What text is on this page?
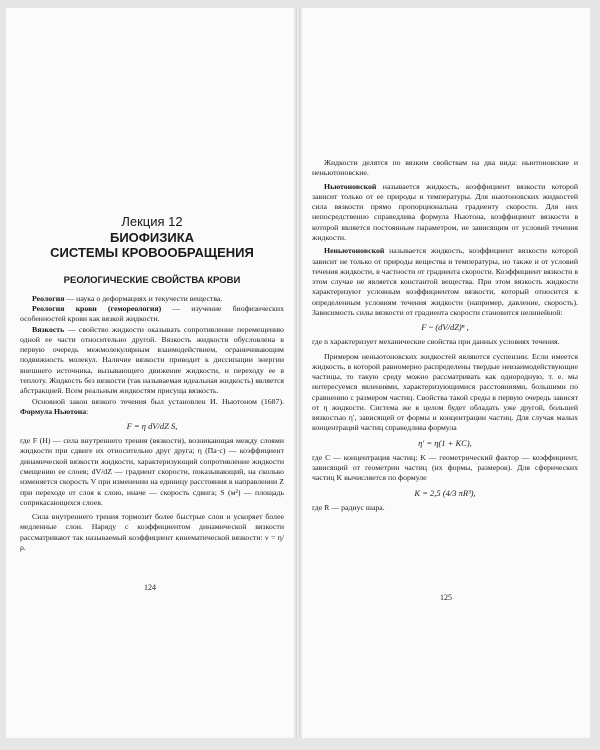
Лекция 12
БИОФИЗИКА
СИСТЕМЫ КРОВООБРАЩЕНИЯ
РЕОЛОГИЧЕСКИЕ СВОЙСТВА КРОВИ

Реология — наука о деформациях и текучести вещества.

Реология крови (гемореология) — изучение биофизических особенностей крови как вязкой жидкости.

Вязкость — свойство жидкости оказывать сопротивление перемещению одной ее части относительно другой. Вязкость жидкости обусловлена в первую очередь межмолекулярным взаимодействием, ограничивающим подвижность молекул. Наличие вязкости приводит к диссипации энергии внешнего источника, вызывающего движение жидкости, и переходу ее в теплоту. Жидкость без вязкости (так называемая идеальная жидкость) является абстракцией. Всем реальным жидкостям присуща вязкость.

Основной закон вязкого течения был установлен И. Ньютоном (1687). Формула Ньютона:

F = η dV/dZ S,

где F (Н) — сила внутреннего трения (вязкости), возникающая между слоями жидкости при сдвиге их относительно друг друга; η (Па·с) — коэффициент динамической вязкости жидкости, характеризующий сопротивление жидкости смещению ее слоев; dV/dZ — градиент скорости, показывающий, на сколько изменяется скорость V при изменении на единицу расстояния в направлении Z при переходе от слоя к слою, иначе — скорость сдвига; S (м²) — площадь соприкасающихся слоев.

Сила внутреннего трения тормозит более быстрые слои и ускоряет более медленные слои. Наряду с коэффициентом динамической вязкости рассматривают так называемый коэффициент кинематической вязкости: ν = η/ρ.

124

Жидкости делятся по вязким свойствам на два вида: ньютоновские и неньютоновские.

Ньютоновской называется жидкость, коэффициент вязкости которой зависит только от ее природы и температуры. Для ньютоновских жидкостей сила вязкости прямо пропорциональна градиенту скорости. Для них непосредственно справедлива формула Ньютона, коэффициент вязкости в которой является постоянным параметром, не зависящим от условий течения жидкости.

Неньютоновской называется жидкость, коэффициент вязкости которой зависит не только от природы вещества и температуры, но также и от условий течения жидкости, в частности от градиента скорости. Коэффициент вязкости в этом случае не является константой вещества. При этом вязкость жидкости характеризуют условным коэффициентом вязкости, который относится к определенным условиям течения жидкости (например, давление, скорость). Зависимость силы вязкости от градиента скорости становится нелинейной:

F ~ (dV/dZ)ⁿ ,

где n характеризует механические свойства при данных условиях течения.

Примером неньютоновских жидкостей являются суспензии. Если имеется жидкость, в которой равномерно распределены твердые невзаимодействующие частицы, то такую среду можно рассматривать как однородную, т. е. мы интересуемся явлениями, характеризующимися расстояниями, большими по сравнению с размером частиц. Свойства такой среды в первую очередь зависят от η жидкости. Система же в целом будет обладать уже другой, большей вязкостью η′, зависящей от формы и концентрации частиц. Для случая малых концентраций частиц справедлива формула

η′ = η(1 + KC),

где C — концентрация частиц; K — геометрический фактор — коэффициент, зависящий от геометрии частиц (их формы, размеров). Для сферических частиц K вычисляется по формуле

K = 2,5 (4/3 πR³),

где R — радиус шара.

125
